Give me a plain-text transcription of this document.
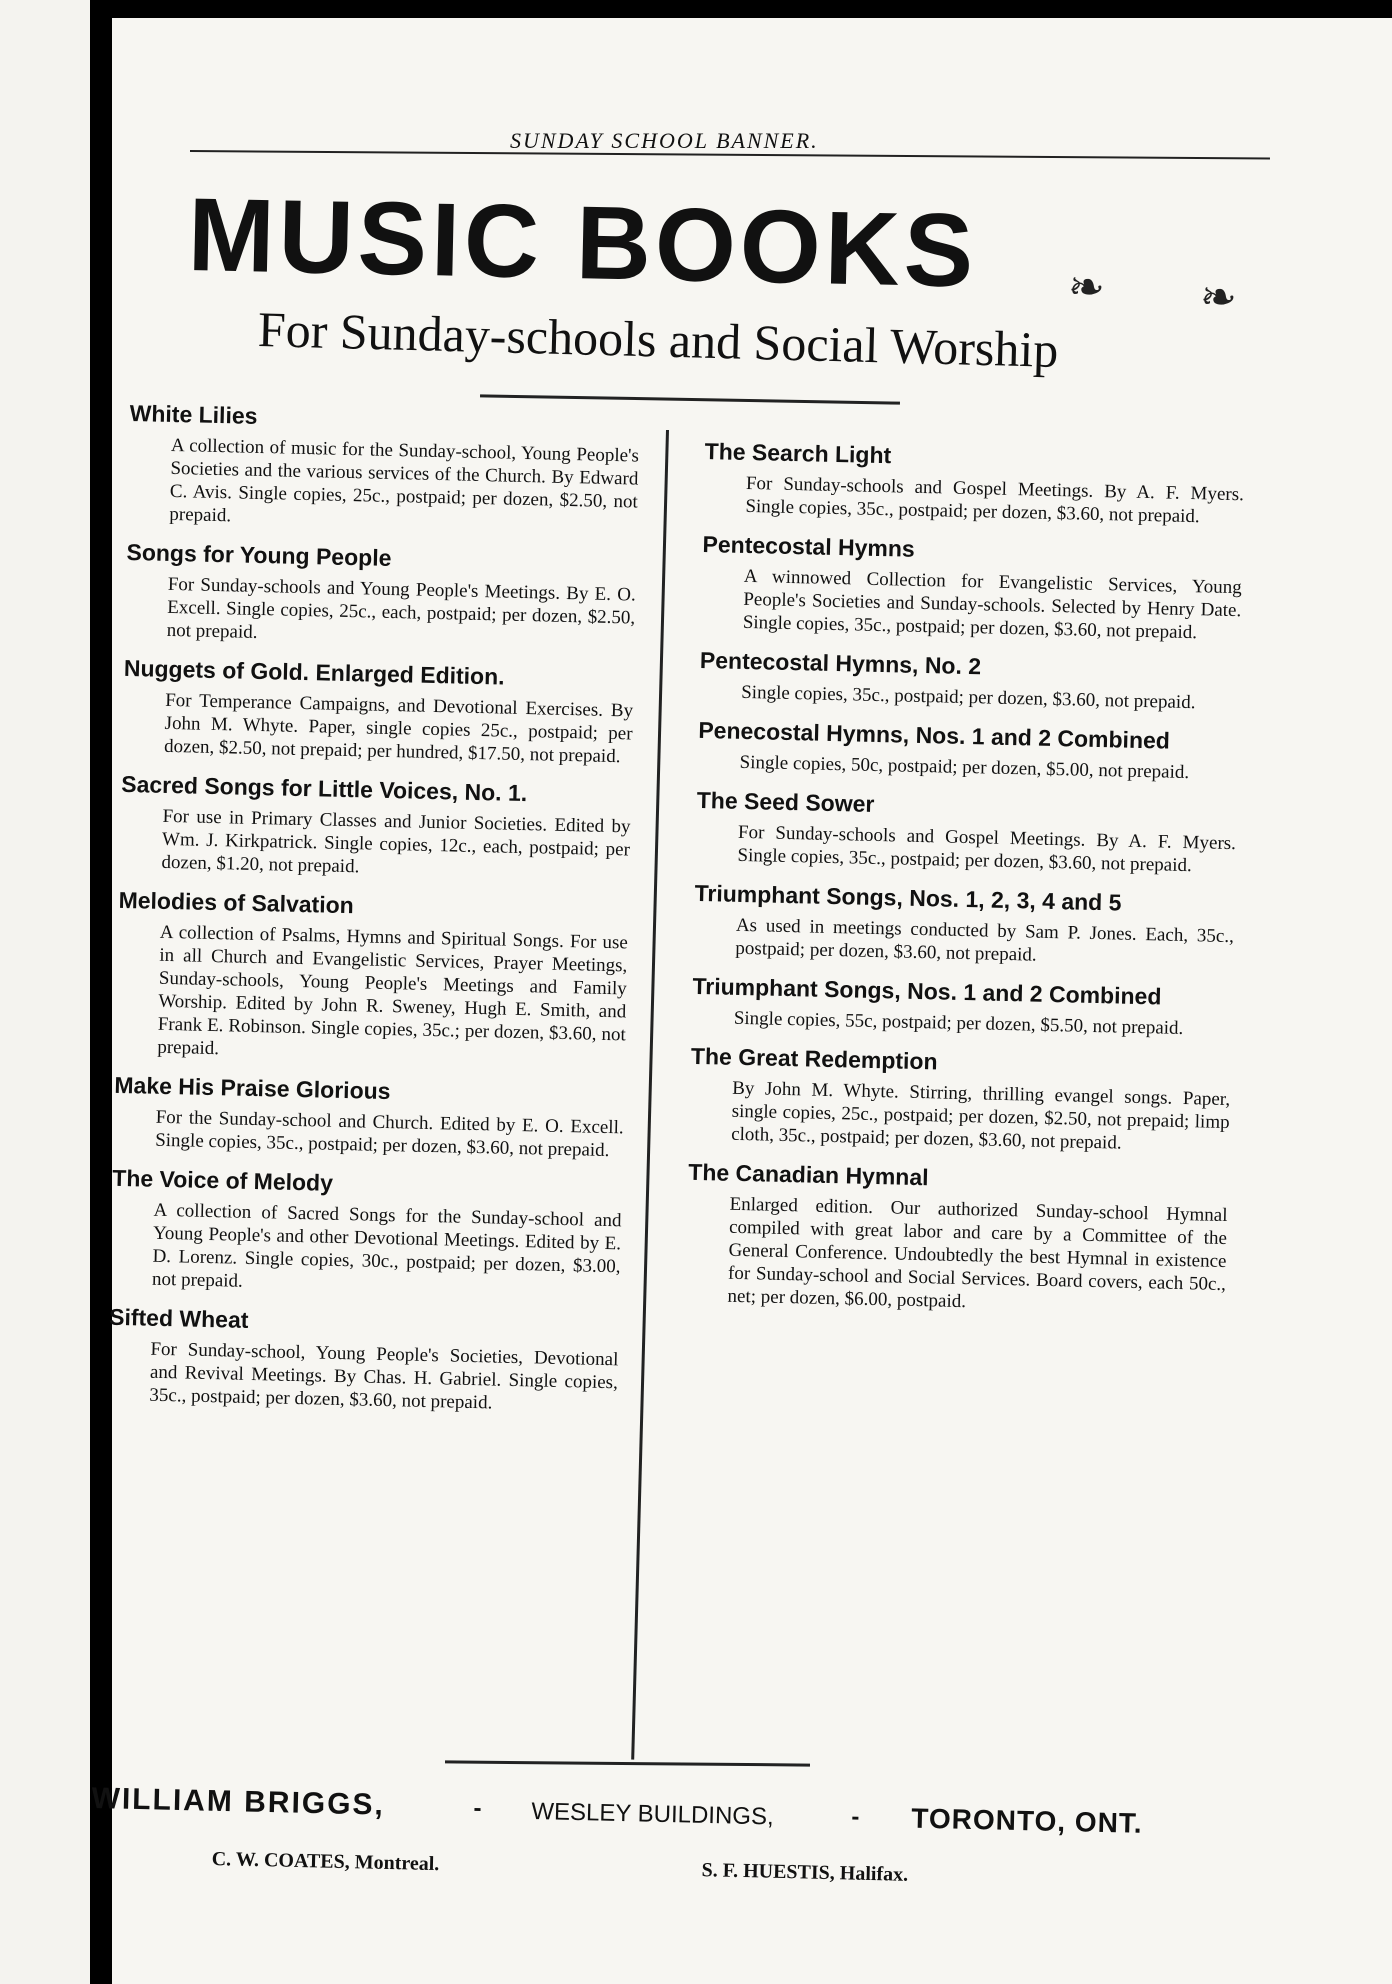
SUNDAY SCHOOL BANNER.
MUSIC BOOKS ❧ ❧
For Sunday-schools and Social Worship
White Lilies

A collection of music for the Sunday-school, Young People's Societies and the various services of the Church. By Edward C. Avis. Single copies, 25c., postpaid; per dozen, $2.50, not prepaid.

Songs for Young People

For Sunday-schools and Young People's Meetings. By E. O. Excell. Single copies, 25c., each, postpaid; per dozen, $2.50, not prepaid.

Nuggets of Gold. Enlarged Edition.

For Temperance Campaigns, and Devotional Exercises. By John M. Whyte. Paper, single copies 25c., postpaid; per dozen, $2.50, not prepaid; per hundred, $17.50, not prepaid.

Sacred Songs for Little Voices, No. 1.

For use in Primary Classes and Junior Societies. Edited by Wm. J. Kirkpatrick. Single copies, 12c., each, postpaid; per dozen, $1.20, not prepaid.

Melodies of Salvation

A collection of Psalms, Hymns and Spiritual Songs. For use in all Church and Evangelistic Services, Prayer Meetings, Sunday-schools, Young People's Meetings and Family Worship. Edited by John R. Sweney, Hugh E. Smith, and Frank E. Robinson. Single copies, 35c.; per dozen, $3.60, not prepaid.

Make His Praise Glorious

For the Sunday-school and Church. Edited by E. O. Excell. Single copies, 35c., postpaid; per dozen, $3.60, not prepaid.

The Voice of Melody

A collection of Sacred Songs for the Sunday-school and Young People's and other Devotional Meetings. Edited by E. D. Lorenz. Single copies, 30c., postpaid; per dozen, $3.00, not prepaid.

Sifted Wheat

For Sunday-school, Young People's Societies, Devotional and Revival Meetings. By Chas. H. Gabriel. Single copies, 35c., postpaid; per dozen, $3.60, not prepaid.

The Search Light

For Sunday-schools and Gospel Meetings. By A. F. Myers. Single copies, 35c., postpaid; per dozen, $3.60, not prepaid.

Pentecostal Hymns

A winnowed Collection for Evangelistic Services, Young People's Societies and Sunday-schools. Selected by Henry Date. Single copies, 35c., postpaid; per dozen, $3.60, not prepaid.

Pentecostal Hymns, No. 2

Single copies, 35c., postpaid; per dozen, $3.60, not prepaid.

Penecostal Hymns, Nos. 1 and 2 Combined

Single copies, 50c, postpaid; per dozen, $5.00, not prepaid.

The Seed Sower

For Sunday-schools and Gospel Meetings. By A. F. Myers. Single copies, 35c., postpaid; per dozen, $3.60, not prepaid.

Triumphant Songs, Nos. 1, 2, 3, 4 and 5

As used in meetings conducted by Sam P. Jones. Each, 35c., postpaid; per dozen, $3.60, not prepaid.

Triumphant Songs, Nos. 1 and 2 Combined

Single copies, 55c, postpaid; per dozen, $5.50, not prepaid.

The Great Redemption

By John M. Whyte. Stirring, thrilling evangel songs. Paper, single copies, 25c., postpaid; per dozen, $2.50, not prepaid; limp cloth, 35c., postpaid; per dozen, $3.60, not prepaid.

The Canadian Hymnal

Enlarged edition. Our authorized Sunday-school Hymnal compiled with great labor and care by a Committee of the General Conference. Undoubtedly the best Hymnal in existence for Sunday-school and Social Services. Board covers, each 50c., net; per dozen, $6.00, postpaid.

WILLIAM BRIGGS,	- WESLEY BUILDINGS,	- TORONTO, ONT.
C. W. COATES, Montreal.	S. F. HUESTIS, Halifax.
